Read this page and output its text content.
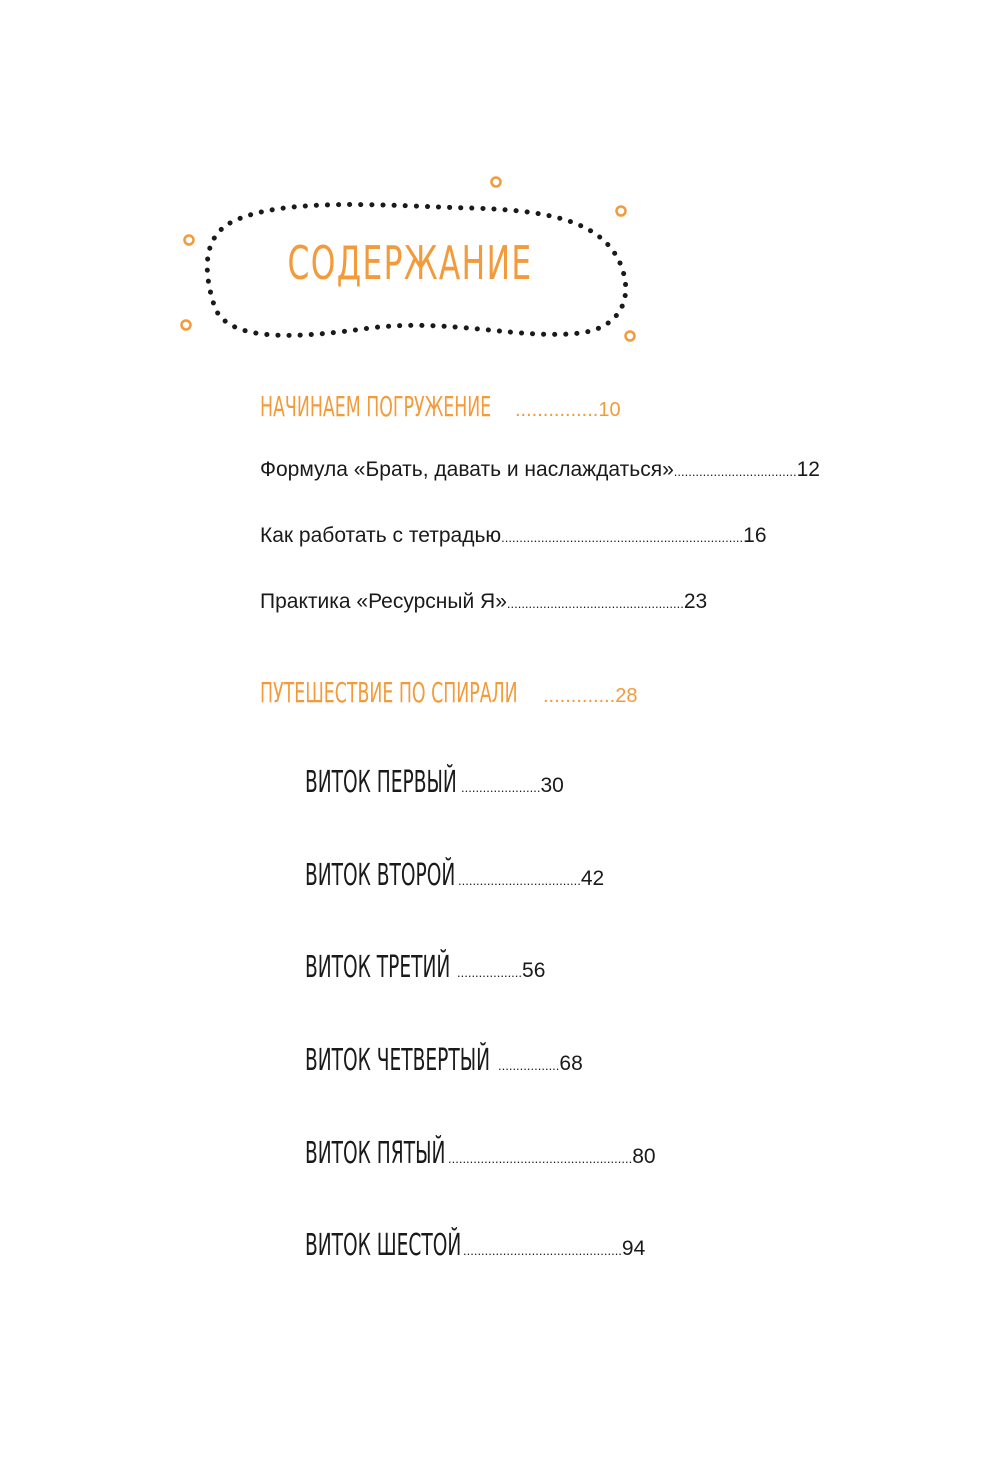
СОДЕРЖАНИЕ
НАЧИНАЕМ ПОГРУЖЕНИЕ ............... 10
Формула «Брать, давать и наслаждаться» .................................. 12
Как работать с тетрадью ................................................................... 16
Практика «Ресурсный Я» ................................................. 23
ПУТЕШЕСТВИЕ ПО СПИРАЛИ ............. 28
ВИТОК ПЕРВЫЙ ...................... 30
ВИТОК ВТОРОЙ .................................. 42
ВИТОК ТРЕТИЙ .................. 56
ВИТОК ЧЕТВЕРТЫЙ ................. 68
ВИТОК ПЯТЫЙ ................................................... 80
ВИТОК ШЕСТОЙ ............................................ 94
